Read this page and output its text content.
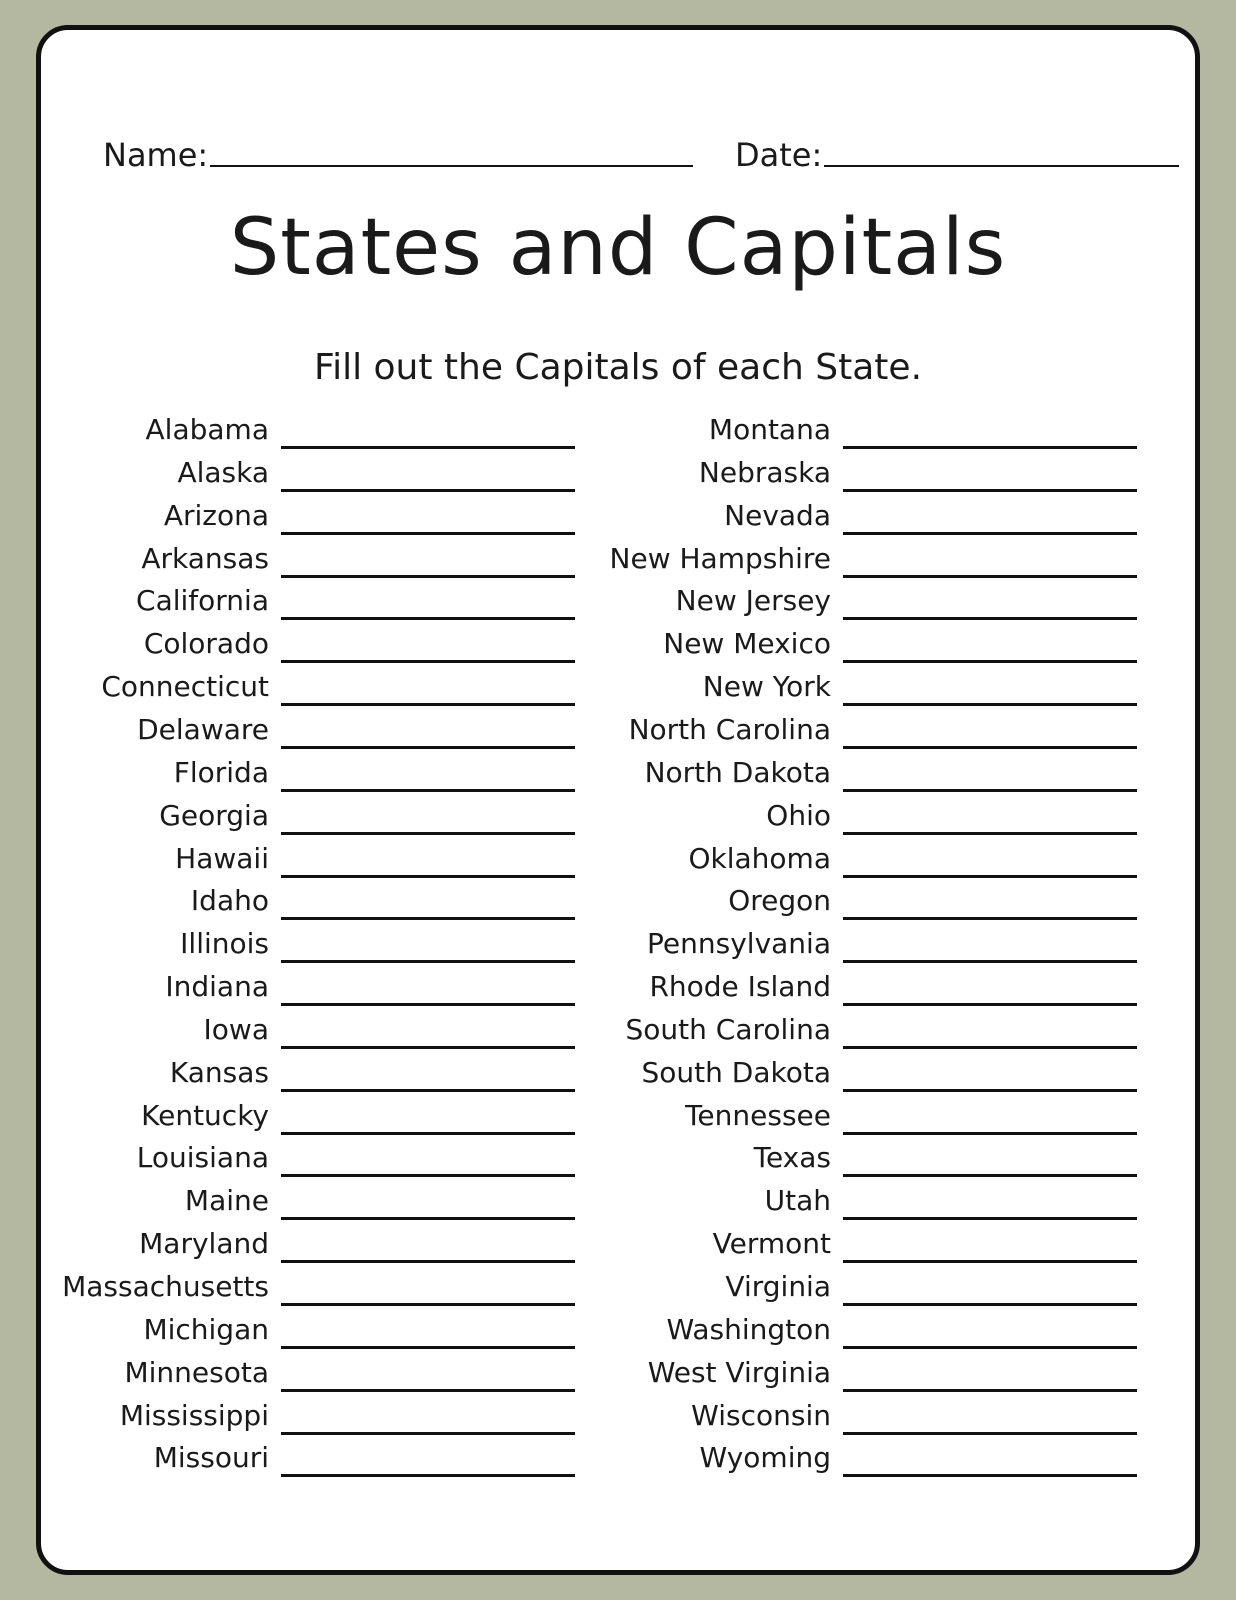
Name:	Date:
States and Capitals

Fill out the Capitals of each State.

Alabama
Alaska
Arizona
Arkansas
California
Colorado
Connecticut
Delaware
Florida
Georgia
Hawaii
Idaho
Illinois
Indiana
Iowa
Kansas
Kentucky
Louisiana
Maine
Maryland
Massachusetts
Michigan
Minnesota
Mississippi
Missouri
Montana
Nebraska
Nevada
New Hampshire
New Jersey
New Mexico
New York
North Carolina
North Dakota
Ohio
Oklahoma
Oregon
Pennsylvania
Rhode Island
South Carolina
South Dakota
Tennessee
Texas
Utah
Vermont
Virginia
Washington
West Virginia
Wisconsin
Wyoming
